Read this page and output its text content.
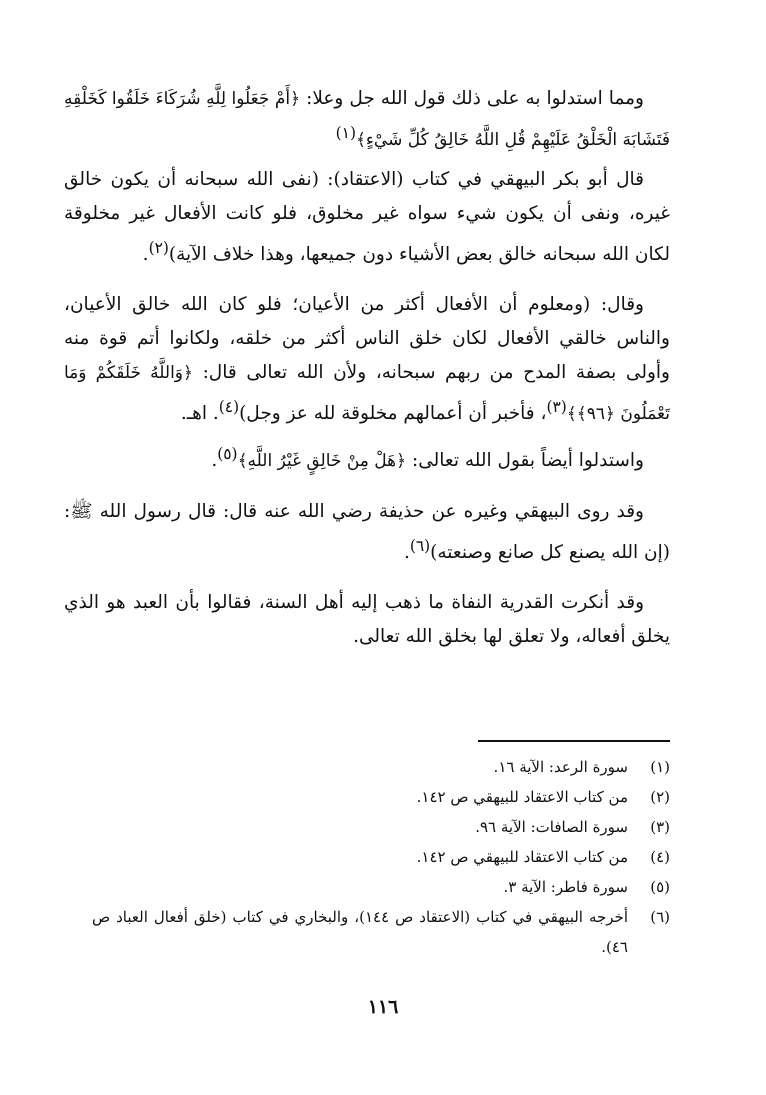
ومما استدلوا به على ذلك قول الله جل وعلا: ﴿أَمْ جَعَلُوا لِلَّهِ شُرَكَاءَ خَلَقُوا كَخَلْقِهِ فَتَشَابَهَ الْخَلْقُ عَلَيْهِمْ قُلِ اللَّهُ خَالِقُ كُلِّ شَيْءٍ﴾$^{(١)}$

قال أبو بكر البيهقي في كتاب (الاعتقاد): (نفى الله سبحانه أن يكون خالق غيره، ونفى أن يكون شيء سواه غير مخلوق، فلو كانت الأفعال غير مخلوقة لكان الله سبحانه خالق بعض الأشياء دون جميعها، وهذا خلاف الآية)$^{(٢)}$.

وقال: (ومعلوم أن الأفعال أكثر من الأعيان؛ فلو كان الله خالق الأعيان، والناس خالقي الأفعال لكان خلق الناس أكثر من خلقه، ولكانوا أتم قوة منه وأولى بصفة المدح من ربهم سبحانه، ولأن الله تعالى قال: ﴿وَاللَّهُ خَلَقَكُمْ وَمَا تَعْمَلُونَ ﴿٩٦﴾﴾$^{(٣)}$، فأخبر أن أعمالهم مخلوقة لله عز وجل)$^{(٤)}$. اهـ.

واستدلوا أيضاً بقول الله تعالى: ﴿هَلْ مِنْ خَالِقٍ غَيْرُ اللَّهِ﴾$^{(٥)}$.

وقد روى البيهقي وغيره عن حذيفة رضي الله عنه قال: قال رسول الله ﷺ: (إن الله يصنع كل صانع وصنعته)$^{(٦)}$.

وقد أنكرت القدرية النفاة ما ذهب إليه أهل السنة، فقالوا بأن العبد هو الذي يخلق أفعاله، ولا تعلق لها بخلق الله تعالى.

(١)
سورة الرعد: الآية ١٦.
(٢)
من كتاب الاعتقاد للبيهقي ص ١٤٢.
(٣)
سورة الصافات: الآية ٩٦.
(٤)
من كتاب الاعتقاد للبيهقي ص ١٤٢.
(٥)
سورة فاطر: الآية ٣.
(٦)
أخرجه البيهقي في كتاب (الاعتقاد ص ١٤٤)، والبخاري في كتاب (خلق أفعال العباد ص ٤٦).
١١٦
